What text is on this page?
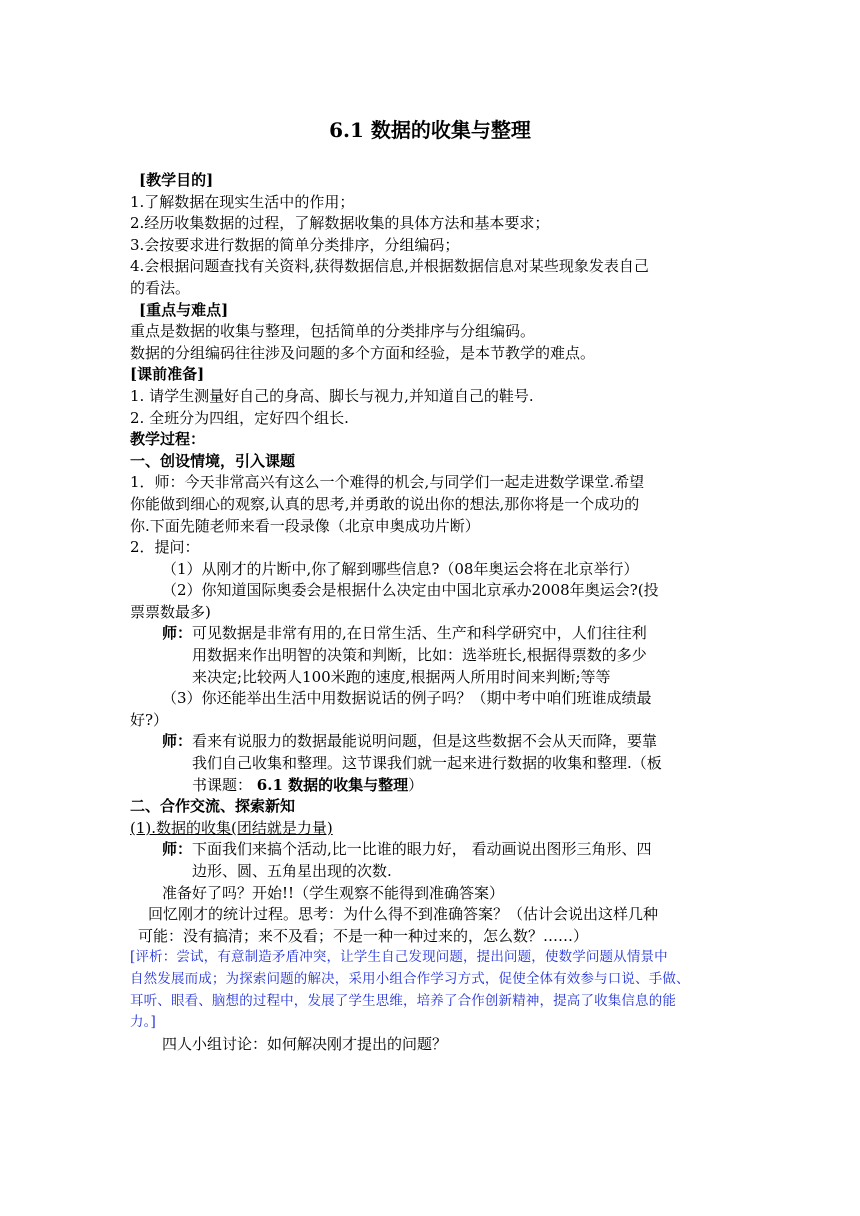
6.1 数据的收集与整理

[教学目的]

1.了解数据在现实生活中的作用；

2.经历收集数据的过程，了解数据收集的具体方法和基本要求；

3.会按要求进行数据的简单分类排序，分组编码；

4.会根据问题查找有关资料,获得数据信息,并根据数据信息对某些现象发表自己

的看法。

[重点与难点]

重点是数据的收集与整理，包括简单的分类排序与分组编码。

数据的分组编码往往涉及问题的多个方面和经验，是本节教学的难点。

[课前准备]

1. 请学生测量好自己的身高、脚长与视力,并知道自己的鞋号.

2. 全班分为四组，定好四个组长.

教学过程：

一、创设情境，引入课题

1．师：今天非常高兴有这么一个难得的机会,与同学们一起走进数学课堂.希望

你能做到细心的观察,认真的思考,并勇敢的说出你的想法,那你将是一个成功的

你.下面先随老师来看一段录像（北京申奥成功片断）

2．提问：

（1）从刚才的片断中,你了解到哪些信息?（08年奥运会将在北京举行）

（2）你知道国际奥委会是根据什么决定由中国北京承办2008年奥运会?(投

票票数最多)

师：可见数据是非常有用的,在日常生活、生产和科学研究中，人们往往利
用数据来作出明智的决策和判断，比如：选举班长,根据得票数的多少
来决定;比较两人100米跑的速度,根据两人所用时间来判断;等等

（3）你还能举出生活中用数据说话的例子吗？（期中考中咱们班谁成绩最

好?）

师：看来有说服力的数据最能说明问题，但是这些数据不会从天而降，要靠
我们自己收集和整理。这节课我们就一起来进行数据的收集和整理.（板
书课题： 6.1 数据的收集与整理）

二、合作交流、探索新知

(1).数据的收集(团结就是力量)

师：下面我们来搞个活动,比一比谁的眼力好， 看动画说出图形三角形、四
边形、圆、五角星出现的次数.

准备好了吗？开始!!（学生观察不能得到准确答案）

回忆刚才的统计过程。思考：为什么得不到准确答案？（估计会说出这样几种

可能：没有搞清；来不及看；不是一种一种过来的，怎么数？……）

[评析：尝试，有意制造矛盾冲突，让学生自己发现问题，提出问题，使数学问题从情景中

自然发展而成；为探索问题的解决，采用小组合作学习方式，促使全体有效参与口说、手做、

耳听、眼看、脑想的过程中，发展了学生思维，培养了合作创新精神，提高了收集信息的能

力。]

四人小组讨论：如何解决刚才提出的问题？
